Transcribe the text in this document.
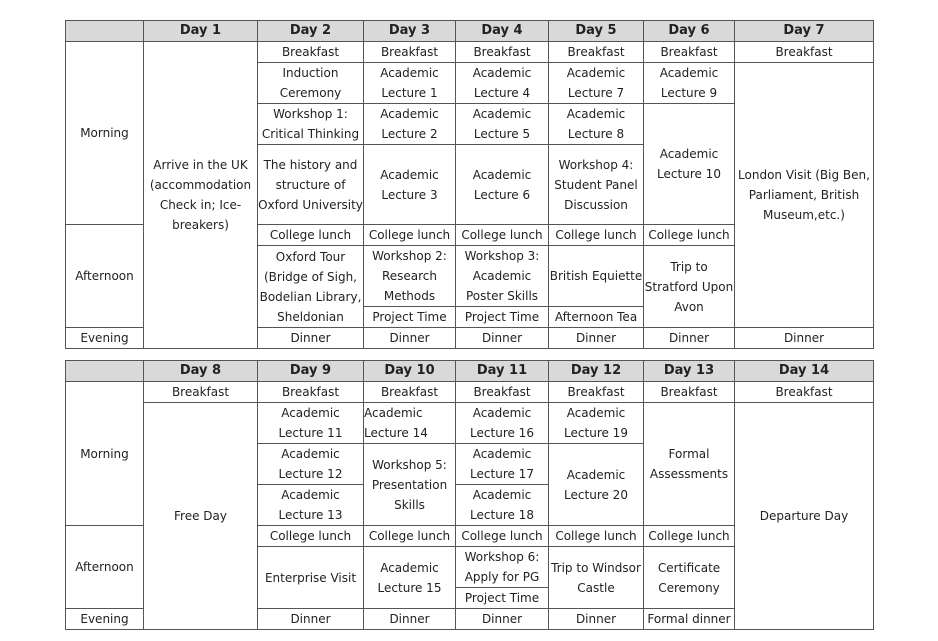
	Day 1	Day 2	Day 3	Day 4	Day 5	Day 6	Day 7
Morning	Arrive in the UK (accommodation Check in; Ice-breakers)	Breakfast	Breakfast	Breakfast	Breakfast	Breakfast	Breakfast
		Induction Ceremony	Academic Lecture 1	Academic Lecture 4	Academic Lecture 7	Academic Lecture 9	London Visit (Big Ben, Parliament, British Museum,etc.)

		Workshop 1: Critical Thinking	Academic Lecture 2	Academic Lecture 5	Academic Lecture 8	Academic Lecture 10	

		The history and structure of Oxford University	Academic Lecture 3	Academic Lecture 6	Workshop 4: Student Panel Discussion		

Afternoon		College lunch	College lunch	College lunch	College lunch	College lunch	
		Oxford Tour (Bridge of Sigh, Bodelian Library, Sheldonian	Workshop 2: Research Methods	Workshop 3: Academic Poster Skills	British Equiette	Trip to Stratford Upon Avon	

			Project Time	Project Time	Afternoon Tea		
Evening		Dinner	Dinner	Dinner	Dinner	Dinner	Dinner
	Day 8	Day 9	Day 10	Day 11	Day 12	Day 13	Day 14
Morning	Breakfast	Breakfast	Breakfast	Breakfast	Breakfast	Breakfast	Breakfast
	Free Day	Academic Lecture 11	Academic Lecture 14	Academic Lecture 16	Academic Lecture 19	Formal Assessments	Departure Day

		Academic Lecture 12	Workshop 5: Presentation Skills	Academic Lecture 17	Academic Lecture 20		

		Academic Lecture 13		Academic Lecture 18			

Afternoon		College lunch	College lunch	College lunch	College lunch	College lunch	
		Enterprise Visit	Academic Lecture 15	Workshop 6: Apply for PG	Trip to Windsor Castle	Certificate Ceremony	

				Project Time			
Evening		Dinner	Dinner	Dinner	Dinner	Formal dinner	
